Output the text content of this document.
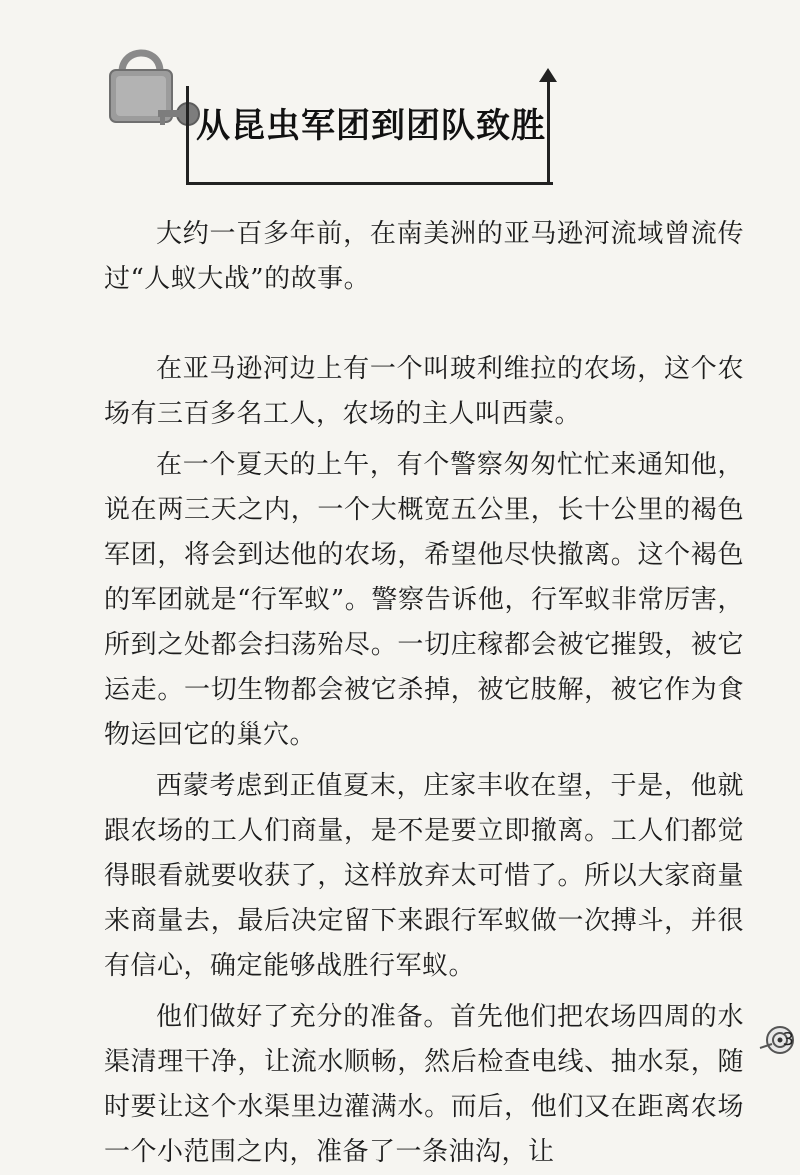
从昆虫军团到团队致胜

大约一百多年前，在南美洲的亚马逊河流域曾流传过“人蚁大战”的故事。

在亚马逊河边上有一个叫玻利维拉的农场，这个农场有三百多名工人，农场的主人叫西蒙。

在一个夏天的上午，有个警察匆匆忙忙来通知他，说在两三天之内，一个大概宽五公里，长十公里的褐色军团，将会到达他的农场，希望他尽快撤离。这个褐色的军团就是“行军蚁”。警察告诉他，行军蚁非常厉害，所到之处都会扫荡殆尽。一切庄稼都会被它摧毁，被它运走。一切生物都会被它杀掉，被它肢解，被它作为食物运回它的巢穴。

西蒙考虑到正值夏末，庄家丰收在望，于是，他就跟农场的工人们商量，是不是要立即撤离。工人们都觉得眼看就要收获了，这样放弃太可惜了。所以大家商量来商量去，最后决定留下来跟行军蚁做一次搏斗，并很有信心，确定能够战胜行军蚁。

他们做好了充分的准备。首先他们把农场四周的水渠清理干净，让流水顺畅，然后检查电线、抽水泵，随时要让这个水渠里边灌满水。而后，他们又在距离农场一个小范围之内，准备了一条油沟，让

3
